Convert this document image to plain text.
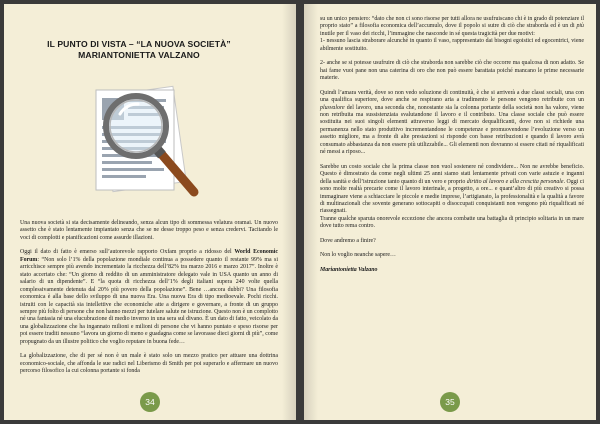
IL PUNTO DI VISTA – “LA NUOVA SOCIETÀ”
MARIANTONIETTA VALZANO

Una nuova società si sta decisamente delineando, senza alcun tipo di sommessa velatura oramai. Un nuovo assetto che è stato lentamente impiantato senza che se ne desse troppo peso e senza credervi. Tacitando le voci di complotti e pianificazioni come assurde illazioni.

Oggi il dato di fatto è emerso sull’autorevole rapporto Oxfam proprio a ridosso del World Economic Forum: “Non solo l’1% della popolazione mondiale continua a possedere quanto il restante 99% ma si arricchisce sempre più avendo incrementato la ricchezza dell’82% tra marzo 2016 e marzo 2017”. Inoltre è stato accertato che: “Un giorno di reddito di un amministratore delegato vale in USA quanto un anno di salario di un dipendente”. E “la quota di ricchezza dell’1% degli italiani supera 240 volte quella complessivamente detenuta dal 20% più povero della popolazione”. Bene …ancora dubbi? Una filosofia economica è alla base dello sviluppo di una nuova Era. Una nuova Era di tipo medioevale. Pochi ricchi. istruiti con le capacità sia intellettive che economiche atte a dirigere e governare, a fronte di un gruppo sempre più folto di persone che non hanno mezzi per tutelare salute ne istruzione. Questo non è un complotto né una fantasia né una elucubrazione di medio inverno in una sera sul divano. È un dato di fatto, veicolato da una globalizzazione che ha ingannato milioni e milioni di persone che vi hanno puntato e speso risorse per poi essere traditi nessuno “lavora un giorno di meno e guadagna come se lavorasse dieci giorni di più”, come propugnato da un illustre politico che voglio reputare in buona fede…

La globalizzazione, che di per sé non è un male è stato solo un mezzo pratico per attuare una dottrina economico-sociale, che affonda le sue radici nel Liberismo di Smith per poi superarlo e affermare un nuovo percorso filosofico la cui colonna portante si fonda

34

su un unico pensiero: “dato che non ci sono risorse per tutti allora ne usufruiscano chi è in grado di potenziare il proprio stato” a filosofia economica dell’accumulo, dove il popolo si sutre di ciò che straborda ed è un di più inutile per il vaso dei ricchi, l’immagine che nasconde in sé questa tragicità per due motivi:
1- nessuno lascia straborare alcunché in quanto il vaso, rappresentato dai bisogni egoistici ed egocentrici, viene abilmente sostituito.

2- anche se si potesse usufruire di ciò che straborda non sarebbe ciò che occorre ma qualcosa di non adatto. Se hai fame vuoi pane non una caterina di oro che non può essere barattata poiché mancano le prime necessarie materie.

Quindi l’amara verità, dove so non vedo soluzione di continuità, è che si arriverà a due classi sociali, una con una qualifica superiore, dove anche se respirano aria a tradimento le persone vengono retribuite con un plusvalore del lavoro, una seconda che, nonostante sia la colonna portante della società non ha valore, viene non retribuita ma sussistenziata svalutandone il lavoro e il contributo. Una classe sociale che può essere sostituita nei suoi singoli elementi attraverso leggi di mercato dequalificanti, dove non si richiede una permanenza nello stato produttivo incrementandone le competenze e promuovendone l’evoluzione verso un assetto migliore, ma a fronte di alte prestazioni si risponde con basse retribuzioni e quando il lavoro avrà consumato abbastanza da non essere più utilizzabile... Gli elementi non dovranno si essere citati né riqualificati né messi a riposo...

Sarebbe un costo sociale che la prima classe non vuol sostenere né condividere... Non ne avrebbe beneficio. Questo è dimostrato da come negli ultimi 25 anni siamo stati lentamente privati con varie astuzie e inganni della sanità e dell’istruzione tanto quanto di un vero e proprio diritto al lavoro e alla crescita personale. Oggi ci sono molte realtà precarie come il lavoro interinale, a progetto, a ore... e quant’altro di più creativo si possa immaginare viene a schiacciare le piccole e medie imprese, l’artigianato, la professionalità e la qualità a favore di multinazionali che sovente generano sottocapiti o disoccupati conquistanti non vengono più riqualificati né riassegnati.
Tranne qualche sparuta onorevole eccezione che ancora combatte una battaglia di principio solitaria in un mare dove tutto rema contro.

Dove andremo a finire?

Non lo voglio neanche sapere…

Mariantonietta Valzano

35
